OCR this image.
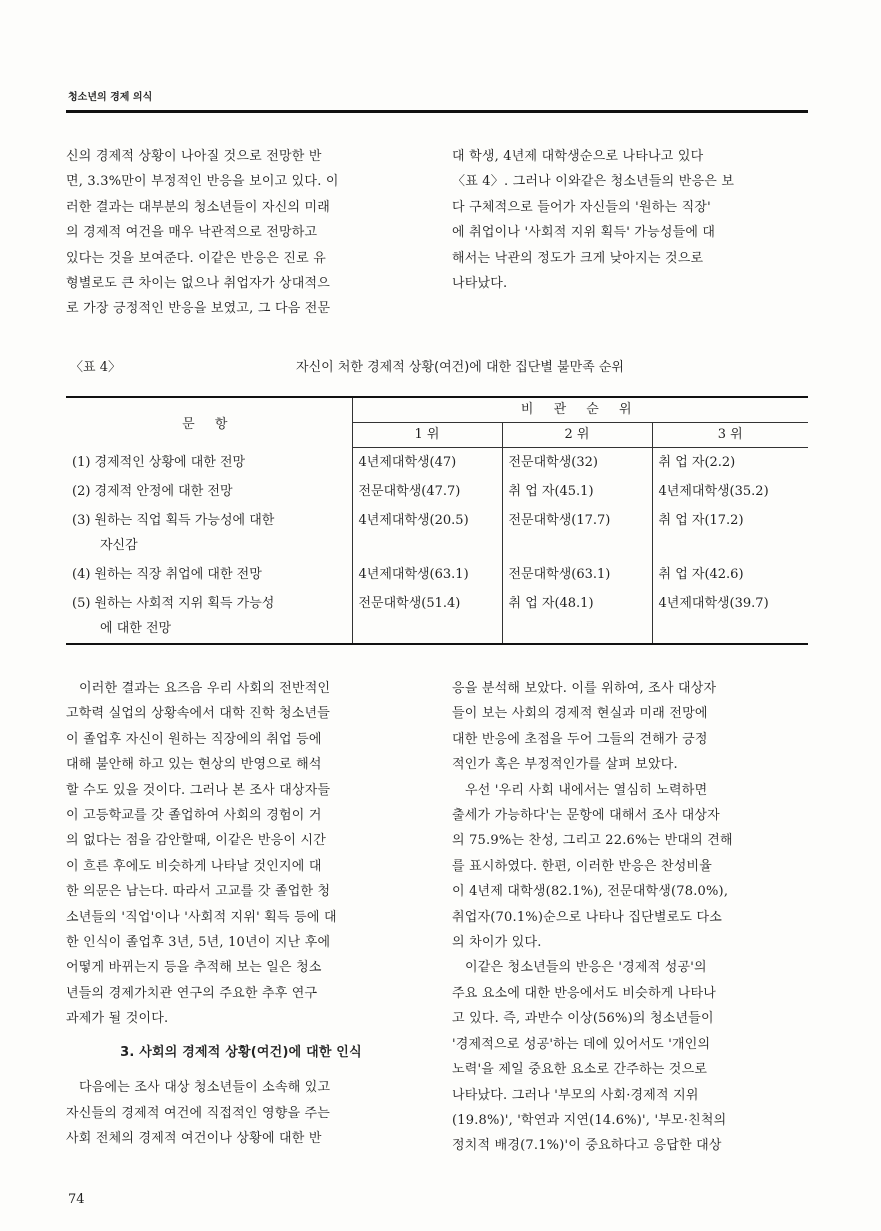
청소년의 경제 의식

신의 경제적 상황이 나아질 것으로 전망한 반

면, 3.3%만이 부정적인 반응을 보이고 있다. 이

러한 결과는 대부분의 청소년들이 자신의 미래

의 경제적 여건을 매우 낙관적으로 전망하고

있다는 것을 보여준다. 이같은 반응은 진로 유

형별로도 큰 차이는 없으나 취업자가 상대적으

로 가장 긍정적인 반응을 보였고, 그 다음 전문

대 학생, 4년제 대학생순으로 나타나고 있다

〈표 4〉. 그러나 이와같은 청소년들의 반응은 보

다 구체적으로 들어가 자신들의 '원하는 직장'

에 취업이나 '사회적 지위 획득' 가능성들에 대

해서는 낙관의 정도가 크게 낮아지는 것으로

나타났다.

〈표 4〉	자신이 처한 경제적 상황(여건)에 대한 집단별 불만족 순위
문 항	비 관 순 위		
	1 위	2 위	3 위
(1) 경제적인 상황에 대한 전망	4년제대학생(47)	전문대학생(32)	취 업 자(2.2)
(2) 경제적 안정에 대한 전망	전문대학생(47.7)	취 업 자(45.1)	4년제대학생(35.2)
(3) 원하는 직업 획득 가능성에 대한
자신감	4년제대학생(20.5)	전문대학생(17.7)	취 업 자(17.2)
(4) 원하는 직장 취업에 대한 전망	4년제대학생(63.1)	전문대학생(63.1)	취 업 자(42.6)
(5) 원하는 사회적 지위 획득 가능성
에 대한 전망	전문대학생(51.4)	취 업 자(48.1)	4년제대학생(39.7)

이러한 결과는 요즈음 우리 사회의 전반적인

고학력 실업의 상황속에서 대학 진학 청소년들

이 졸업후 자신이 원하는 직장에의 취업 등에

대해 불안해 하고 있는 현상의 반영으로 해석

할 수도 있을 것이다. 그러나 본 조사 대상자들

이 고등학교를 갓 졸업하여 사회의 경험이 거

의 없다는 점을 감안할때, 이같은 반응이 시간

이 흐른 후에도 비슷하게 나타날 것인지에 대

한 의문은 남는다. 따라서 고교를 갓 졸업한 청

소년들의 '직업'이나 '사회적 지위' 획득 등에 대

한 인식이 졸업후 3년, 5년, 10년이 지난 후에

어떻게 바뀌는지 등을 추적해 보는 일은 청소

년들의 경제가치관 연구의 주요한 추후 연구

과제가 될 것이다.

3. 사회의 경제적 상황(여건)에 대한 인식

다음에는 조사 대상 청소년들이 소속해 있고

자신들의 경제적 여건에 직접적인 영향을 주는

사회 전체의 경제적 여건이나 상황에 대한 반

응을 분석해 보았다. 이를 위하여, 조사 대상자

들이 보는 사회의 경제적 현실과 미래 전망에

대한 반응에 초점을 두어 그들의 견해가 긍정

적인가 혹은 부정적인가를 살펴 보았다.

우선 '우리 사회 내에서는 열심히 노력하면

출세가 가능하다'는 문항에 대해서 조사 대상자

의 75.9%는 찬성, 그리고 22.6%는 반대의 견해

를 표시하였다. 한편, 이러한 반응은 찬성비율

이 4년제 대학생(82.1%), 전문대학생(78.0%),

취업자(70.1%)순으로 나타나 집단별로도 다소

의 차이가 있다.

이같은 청소년들의 반응은 '경제적 성공'의

주요 요소에 대한 반응에서도 비슷하게 나타나

고 있다. 즉, 과반수 이상(56%)의 청소년들이

'경제적으로 성공'하는 데에 있어서도 '개인의

노력'을 제일 중요한 요소로 간주하는 것으로

나타났다. 그러나 '부모의 사회·경제적 지위

(19.8%)', '학연과 지연(14.6%)', '부모·친척의

정치적 배경(7.1%)'이 중요하다고 응답한 대상

74
